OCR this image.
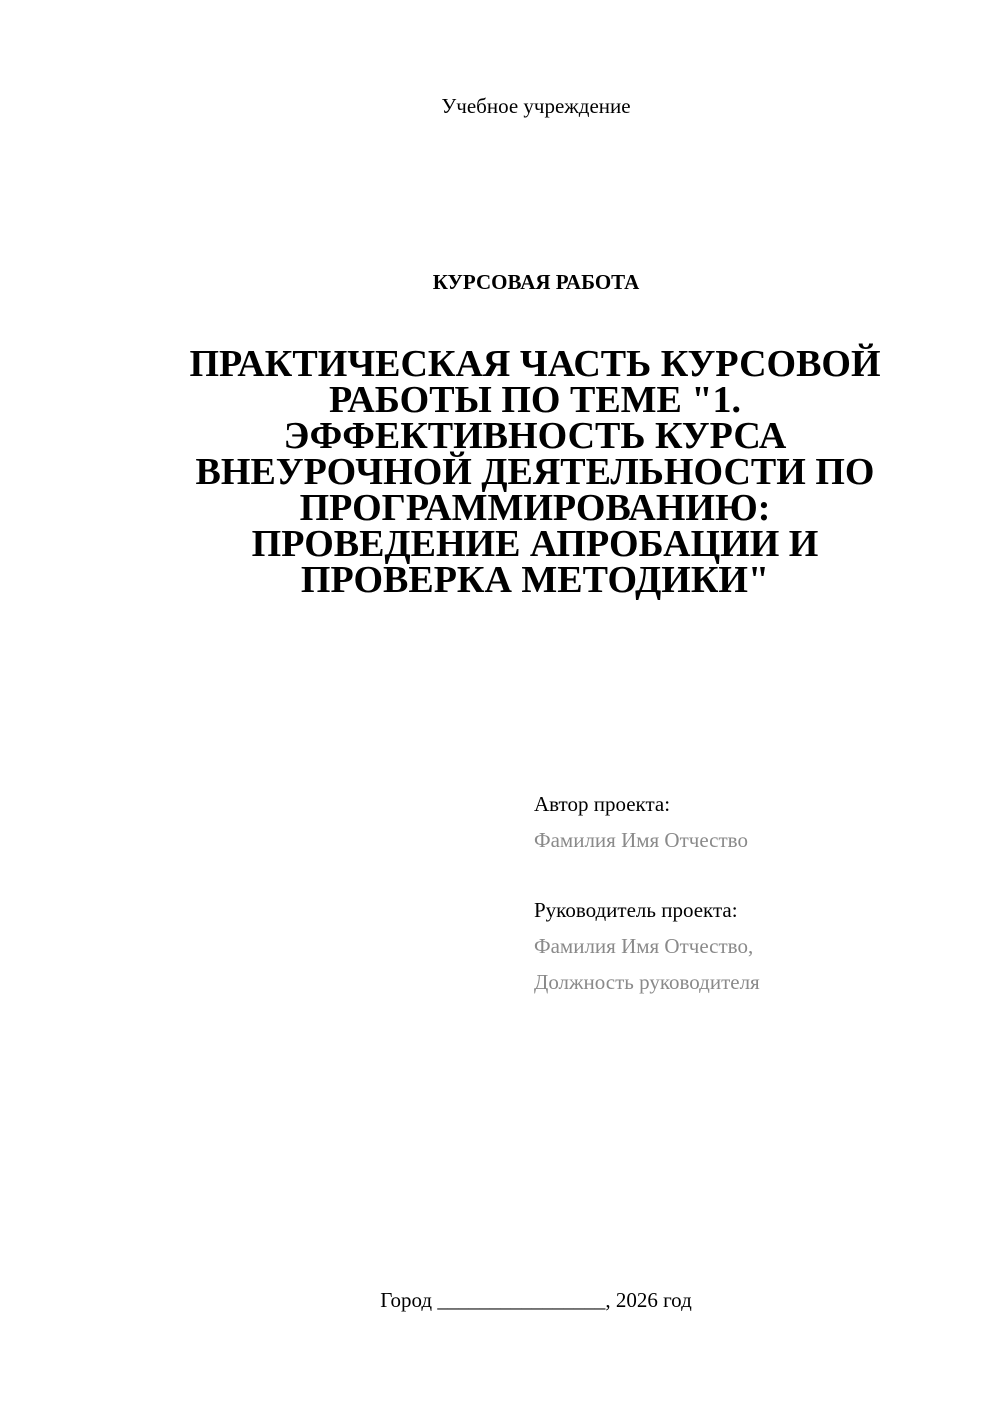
Учебное учреждение
КУРСОВАЯ РАБОТА
ПРАКТИЧЕСКАЯ ЧАСТЬ КУРСОВОЙ
РАБОТЫ ПО ТЕМЕ "1.
ЭФФЕКТИВНОСТЬ КУРСА
ВНЕУРОЧНОЙ ДЕЯТЕЛЬНОСТИ ПО
ПРОГРАММИРОВАНИЮ:
ПРОВЕДЕНИЕ АПРОБАЦИИ И
ПРОВЕРКА МЕТОДИКИ"
Автор проекта:
Фамилия Имя Отчество
Руководитель проекта:
Фамилия Имя Отчество,
Должность руководителя
Город ________________, 2026 год
